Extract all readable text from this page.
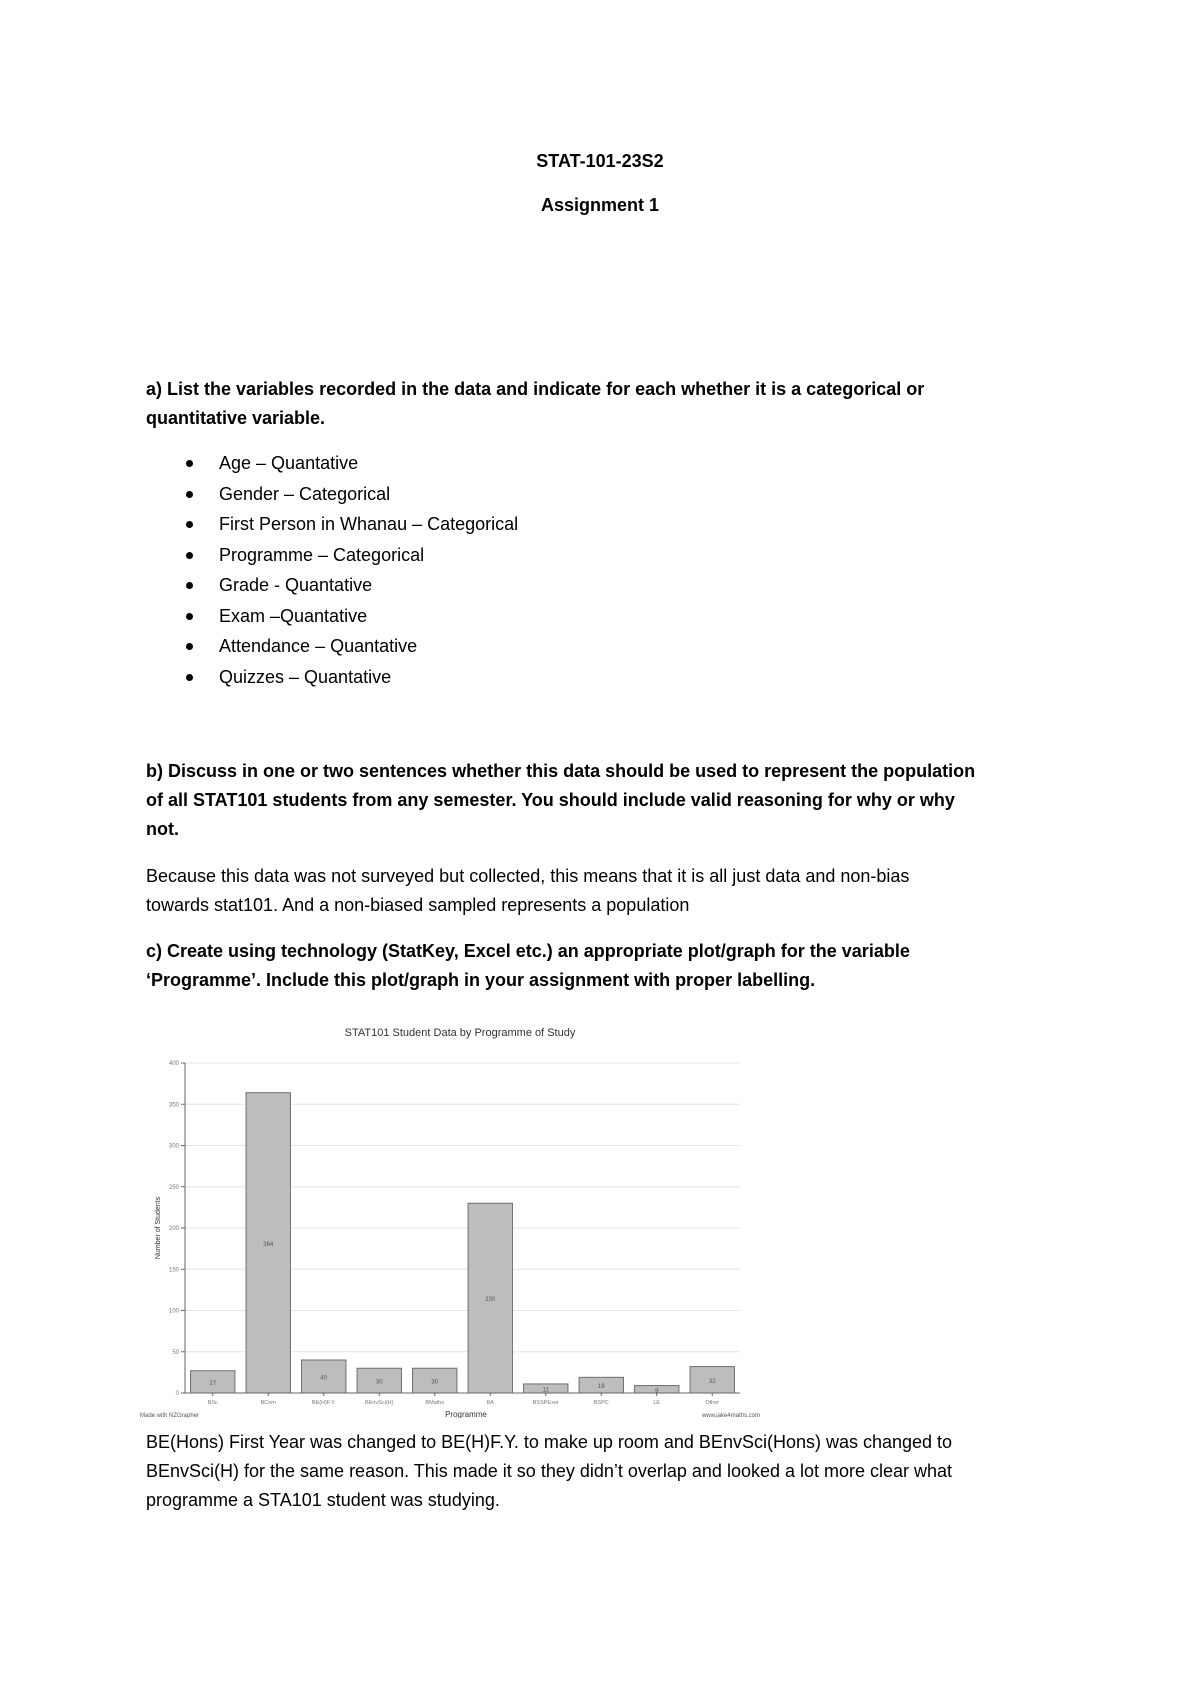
STAT-101-23S2
Assignment 1
a) List the variables recorded in the data and indicate for each whether it is a categorical or
quantitative variable.
Age – Quantative
Gender – Categorical
First Person in Whanau – Categorical
Programme – Categorical
Grade - Quantative
Exam –Quantative
Attendance – Quantative
Quizzes – Quantative
b) Discuss in one or two sentences whether this data should be used to represent the population
of all STAT101 students from any semester. You should include valid reasoning for why or why
not.
Because this data was not surveyed but collected, this means that it is all just data and non-bias
towards stat101. And a non-biased sampled represents a population
c) Create using technology (StatKey, Excel etc.) an appropriate plot/graph for the variable
‘Programme’. Include this plot/graph in your assignment with proper labelling.
STAT101 Student Data by Programme of Study
Number of Students
Programme
Made with NZGrapher	www.jake4maths.com
27
364
40
30	30
230
11
19
9
32
0
50
100
150
200
250
300
350
400
BSc	BCom	BE(H)F.Y.	BEnvSci(H)	BMaths	BA	BSSPExer	BSPC	LE	Other
BE(Hons) First Year was changed to BE(H)F.Y. to make up room and BEnvSci(Hons) was changed to
BEnvSci(H) for the same reason. This made it so they didn’t overlap and looked a lot more clear what
programme a STA101 student was studying.
